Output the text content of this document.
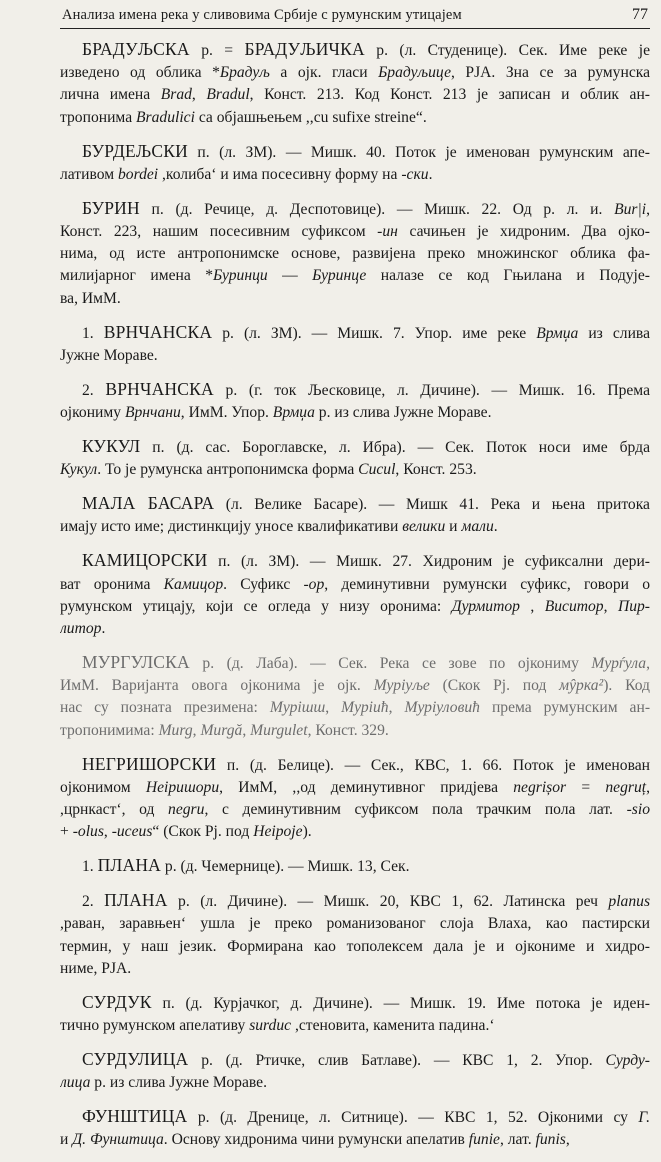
Анализа имена река у сливовима Србије с румунским утицајем	77
БРАДУЉСКА р. = БРАДУЉИЧКА р. (л. Студенице). Сек. Име реке је
изведено од облика *Брадуљ а ојк. гласи Брадуљице, РЈА. Зна се за румунска
лична имена Brad, Bradul, Конст. 213. Код Конст. 213 је записан и облик ан-
трoпонима Bradulici са објашњењем ,,cu sufixe streine“.
БУРДЕЉСКИ п. (л. ЗМ). — Мишк. 40. Поток је именован румунским апе-
лативом bordei ,колиба‘ и има посесивну форму на -ски.
БУРИН п. (д. Речице, д. Деспотовице). — Мишк. 22. Од р. л. и. Bur|i,
Конст. 223, нашим посесивним суфиксом -ин сачињен је хидроним. Два ојко-
нима, од исте антропонимске основе, развијена преко множинског облика фа-
милијарног имена *Буринци — Буринце налазе се код Гњилана и Подује-
ва, ИмМ.
1. ВРНЧАНСКА р. (л. ЗМ). — Мишк. 7. Упор. име реке Врмџа из слива
Јужне Мораве.
2. ВРНЧАНСКА р. (г. ток Љесковице, л. Дичине). — Мишк. 16. Према
ојкониму Врнчани, ИмМ. Упор. Врмџа р. из слива Јужне Мораве.
КУКУЛ п. (д. сас. Бороглавске, л. Ибра). — Сек. Поток носи име брда
Кукул. То је румунска антропонимска форма Cucul, Конст. 253.
МАЛА БАСАРА (л. Велике Басаре). — Мишк 41. Река и њена притока
имају исто име; дистинкцију уносе квалификативи велики и мали.
КАМИЦОРСКИ п. (л. ЗМ). — Мишк. 27. Хидроним је суфиксални дери-
ват оронима Камицор. Суфикс -ор, деминутивни румунски суфикс, говори о
румунском утицају, који се огледа у низу оронима: Дурмитор , Виситор, Пир-
литор.
МУРГУЛСКА р. (д. Лаба). — Сек. Река се зове по ојкониму Мурѓула,
ИмМ. Варијанта овога ојконима је ојк. Муріуље (Скок Рј. под мŷрка²). Код
нас су позната презимена: Мурішш, Муріић, Муріуловић према румунским ан-
тропонимима: Murg, Murgă, Murgulet, Конст. 329.
НЕГРИШОРСКИ п. (д. Белице). — Сек., КВС, 1. 66. Поток је именован
ојконимом Неіришори, ИмМ, ,,од деминутивног придјева negrișor = negruț,
,црнкаст‘, од negru, с деминутивним суфиксом пола трачким пола лат. -sio
+ -olus, -uceus“ (Скок Рј. под Неірoје).
1. ПЛАНА р. (д. Чемернице). — Мишк. 13, Сек.
2. ПЛАНА р. (л. Дичине). — Мишк. 20, КВС 1, 62. Латинска реч planus
,раван, заравњен‘ ушла је преко романизованог слоја Влаха, као пастирски
термин, у наш језик. Формирана као тополексем дала је и ојкониме и хидро-
ниме, РЈА.
СУРДУК п. (д. Курјачког, д. Дичине). — Мишк. 19. Име потока је иден-
тично румунском апелативу surduc ,стеновита, каменита падина.‘
СУРДУЛИЦА р. (д. Ртичке, слив Батлаве). — КВС 1, 2. Упор. Сурду-
лица р. из слива Јужне Мораве.
ФУНШТИЦА р. (д. Дренице, л. Ситнице). — КВС 1, 52. Ојконими су Г.
и Д. Фунштица. Основу хидронима чини румунски апелатив funie, лат. funis,
